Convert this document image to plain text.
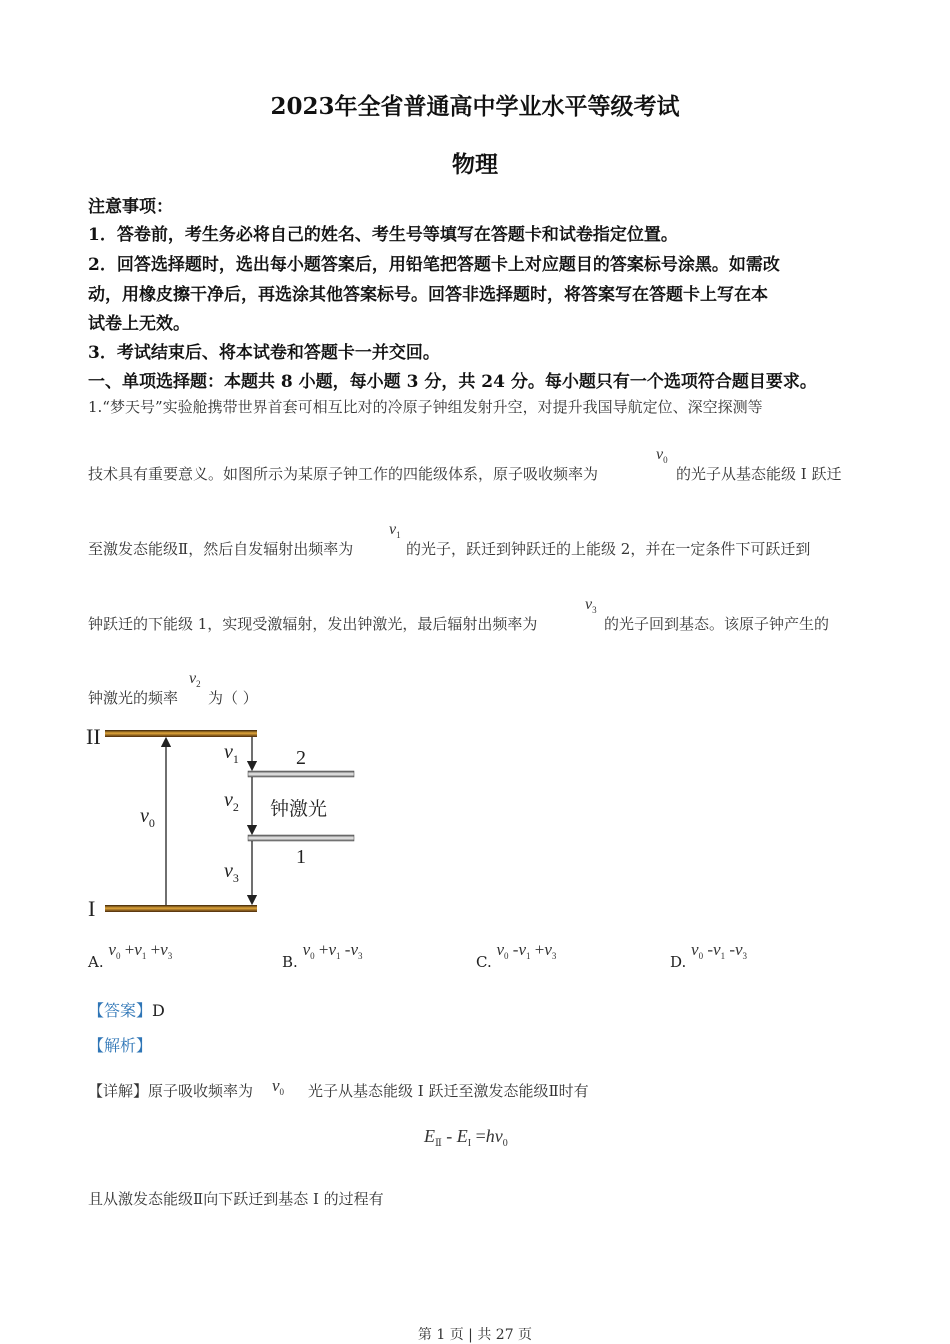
2023年全省普通高中学业水平等级考试
物理
注意事项：
1．答卷前，考生务必将自己的姓名、考生号等填写在答题卡和试卷指定位置。
2．回答选择题时，选出每小题答案后，用铅笔把答题卡上对应题目的答案标号涂黑。如需改
动，用橡皮擦干净后，再选涂其他答案标号。回答非选择题时，将答案写在答题卡上写在本
试卷上无效。
3．考试结束后、将本试卷和答题卡一并交回。
一、单项选择题：本题共 8 小题，每小题 3 分，共 24 分。每小题只有一个选项符合题目要求。
1.“梦天号”实验舱携带世界首套可相互比对的冷原子钟组发射升空，对提升我国导航定位、深空探测等
技术具有重要意义。如图所示为某原子钟工作的四能级体系，原子吸收频率为
$\nu_0$
的光子从基态能级 I 跃迁
至激发态能级Ⅱ，然后自发辐射出频率为
$\nu_1$
的光子，跃迁到钟跃迁的上能级 2，并在一定条件下可跃迁到
钟跃迁的下能级 1，实现受激辐射，发出钟激光，最后辐射出频率为
$\nu_3$
的光子回到基态。该原子钟产生的
钟激光的频率
$\nu_2$
为（ ）
II
I
2
1
钟激光
$\nu_0$
$\nu_1$
$\nu_2$
$\nu_3$
A. $\nu_0 +\nu_1 +\nu_3$	B. $\nu_0 +\nu_1$ $-\nu_3$	C. $\nu_0$ $-\nu_1 +\nu_3$	D. $\nu_0$ $-\nu_1$ $-\nu_3$
【答案】D
【解析】
【详解】原子吸收频率为 $\nu_0$ 光子从基态能级 I 跃迁至激发态能级Ⅱ时有
$E_Ⅱ - E_I =h\nu_0$
且从激发态能级Ⅱ向下跃迁到基态 I 的过程有
第 1 页 | 共 27 页
